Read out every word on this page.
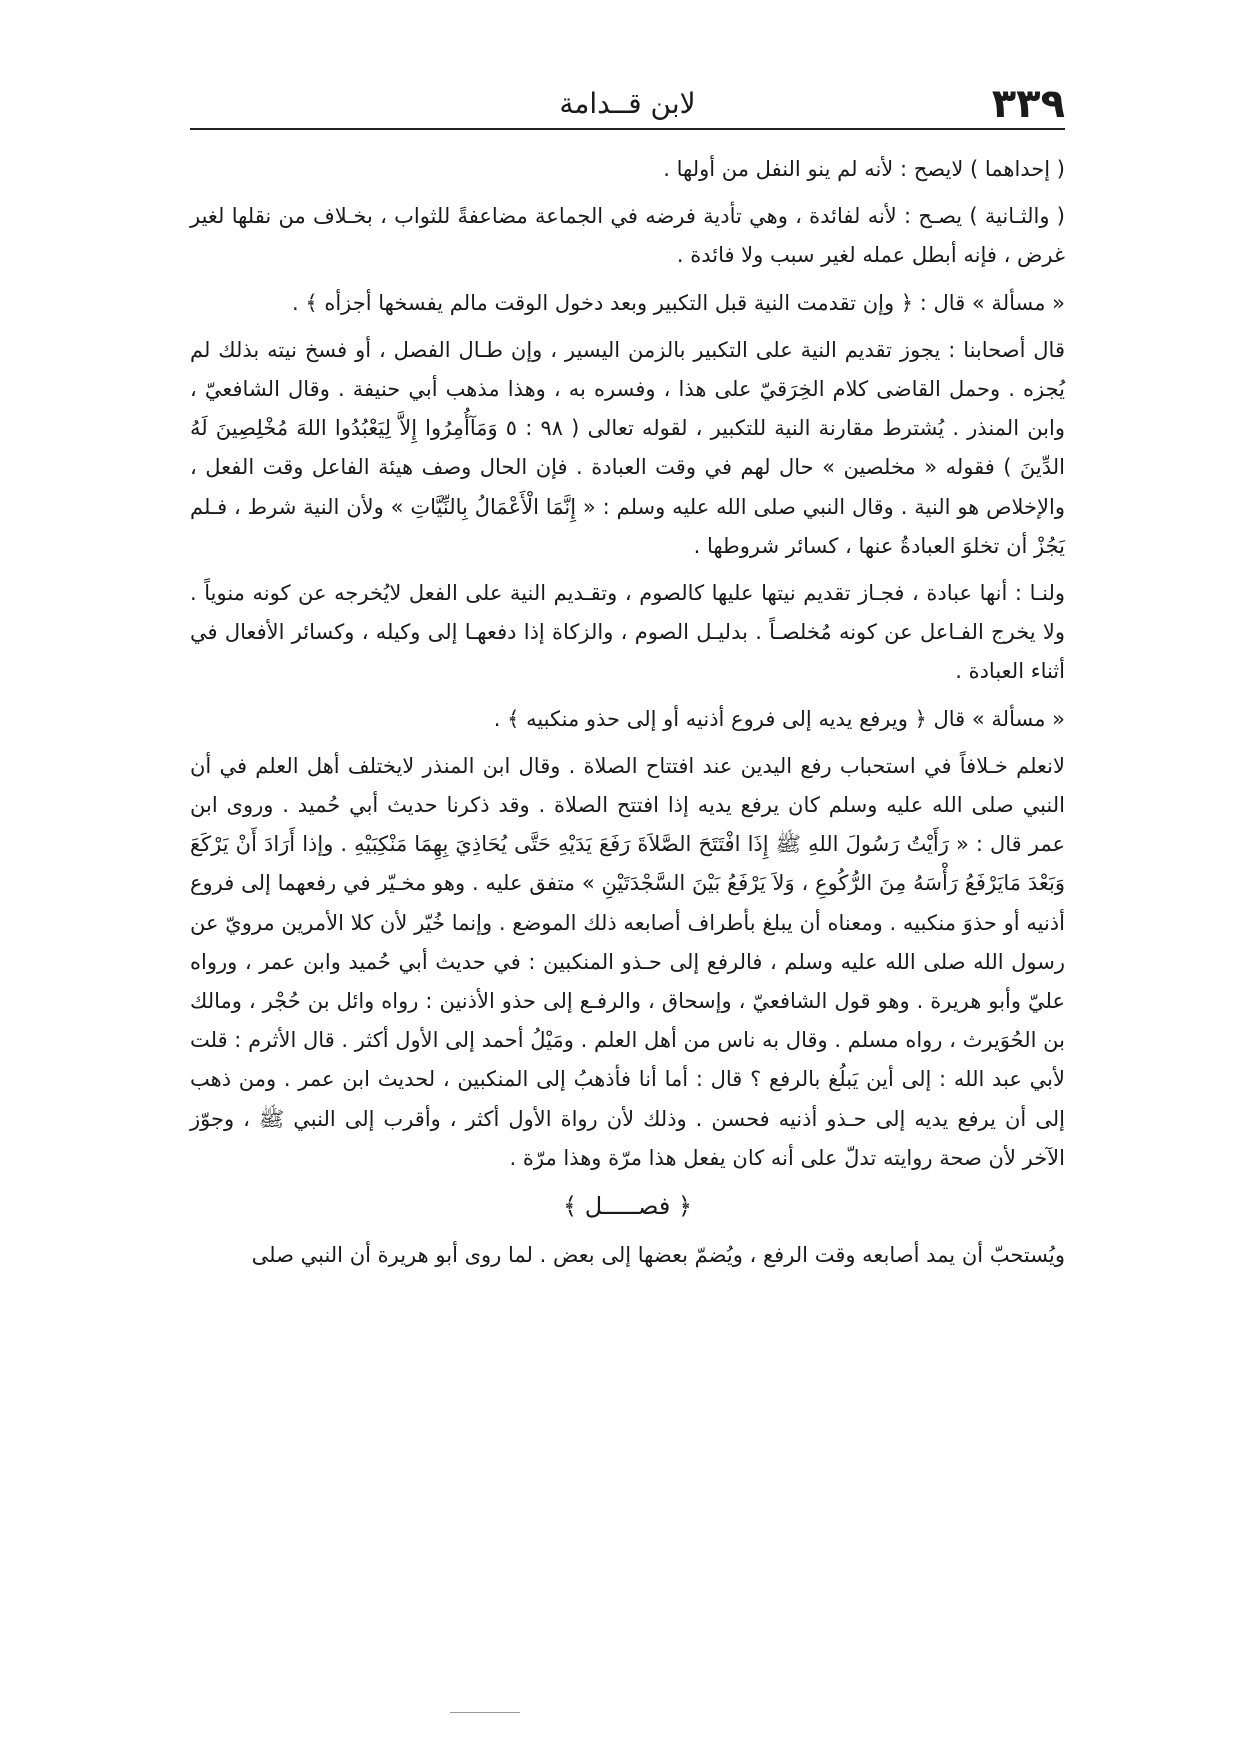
٣٣٩
لابن قــدامة

( إحداهما ) لايصح : لأنه لم ينو النفل من أولها .

( والثـانية ) يصـح : لأنه لفائدة ، وهي تأدية فرضه في الجماعة مضاعفةً للثواب ، بخـلاف من نقلها لغير غرض ، فإنه أبطل عمله لغير سبب ولا فائدة .

« مسألة » قال : ﴿ وإن تقدمت النية قبل التكبير وبعد دخول الوقت مالم يفسخها أجزأه ﴾ .

قال أصحابنا : يجوز تقديم النية على التكبير بالزمن اليسير ، وإن طـال الفصل ، أو فسخ نيته بذلك لم يُجزه . وحمل القاضى كلام الخِرَقيّ على هذا ، وفسره به ، وهذا مذهب أبي حنيفة . وقال الشافعيّ ، وابن المنذر . يُشترط مقارنة النية للتكبير ، لقوله تعالى ( ٩٨ : ٥ وَمَآأُمِرُوا إِلاَّ لِيَعْبُدُوا اللهَ مُخْلِصِينَ لَهُ الدِّينَ ) فقوله « مخلصين » حال لهم في وقت العبادة . فإن الحال وصف هيئة الفاعل وقت الفعل ، والإخلاص هو النية . وقال النبي صلى الله عليه وسلم : « إِنَّمَا الْأَعْمَالُ بِالنِّيَّاتِ » ولأن النية شرط ، فـلم يَجُزْ أن تخلوَ العبادةُ عنها ، كسائر شروطها .

ولنـا : أنها عبادة ، فجـاز تقديم نيتها عليها كالصوم ، وتقـديم النية على الفعل لايُخرجه عن كونه منوياً . ولا يخرج الفـاعل عن كونه مُخلصـاً . بدليـل الصوم ، والزكاة إذا دفعهـا إلى وكيله ، وكسائر الأفعال في أثناء العبادة .

« مسألة » قال ﴿ ويرفع يديه إلى فروع أذنيه أو إلى حذو منكبيه ﴾ .

لانعلم خـلافاً في استحباب رفع اليدين عند افتتاح الصلاة . وقال ابن المنذر لايختلف أهل العلم في أن النبي صلى الله عليه وسلم كان يرفع يديه إذا افتتح الصلاة . وقد ذكرنا حديث أبي حُميد . وروى ابن عمر قال : « رَأَيْتُ رَسُولَ اللهِ ﷺ إِذَا افْتَتَحَ الصَّلاَةَ رَفَعَ يَدَيْهِ حَتَّى يُحَاذِيَ بِهِمَا مَنْكِبَيْهِ . وإذا أَرَادَ أَنْ يَرْكَعَ وَبَعْدَ مَايَرْفَعُ رَأْسَهُ مِنَ الرُّكُوعِ ، وَلاَ يَرْفَعُ بَيْنَ السَّجْدَتَيْنِ » متفق عليه . وهو مخـيّر في رفعهما إلى فروع أذنيه أو حذوَ منكبيه . ومعناه أن يبلغ بأطراف أصابعه ذلك الموضع . وإنما خُيّر لأن كلا الأمرين مرويّ عن رسول الله صلى الله عليه وسلم ، فالرفع إلى حـذو المنكبين : في حديث أبي حُميد وابن عمر ، ورواه عليّ وأبو هريرة . وهو قول الشافعيّ ، وإسحاق ، والرفـع إلى حذو الأذنين : رواه وائل بن حُجْر ، ومالك بن الحُوَيرث ، رواه مسلم . وقال به ناس من أهل العلم . ومَيْلُ أحمد إلى الأول أكثر . قال الأثرم : قلت لأبي عبد الله : إلى أين يَبلُغ بالرفع ؟ قال : أما أنا فأذهبُ إلى المنكبين ، لحديث ابن عمر . ومن ذهب إلى أن يرفع يديه إلى حـذو أذنيه فحسن . وذلك لأن رواة الأول أكثر ، وأقرب إلى النبي ﷺ ، وجوّز الآخر لأن صحة روايته تدلّ على أنه كان يفعل هذا مرّة وهذا مرّة .

﴿ فصـــــل ﴾

ويُستحبّ أن يمد أصابعه وقت الرفع ، ويُضمّ بعضها إلى بعض . لما روى أبو هريرة أن النبي صلى
